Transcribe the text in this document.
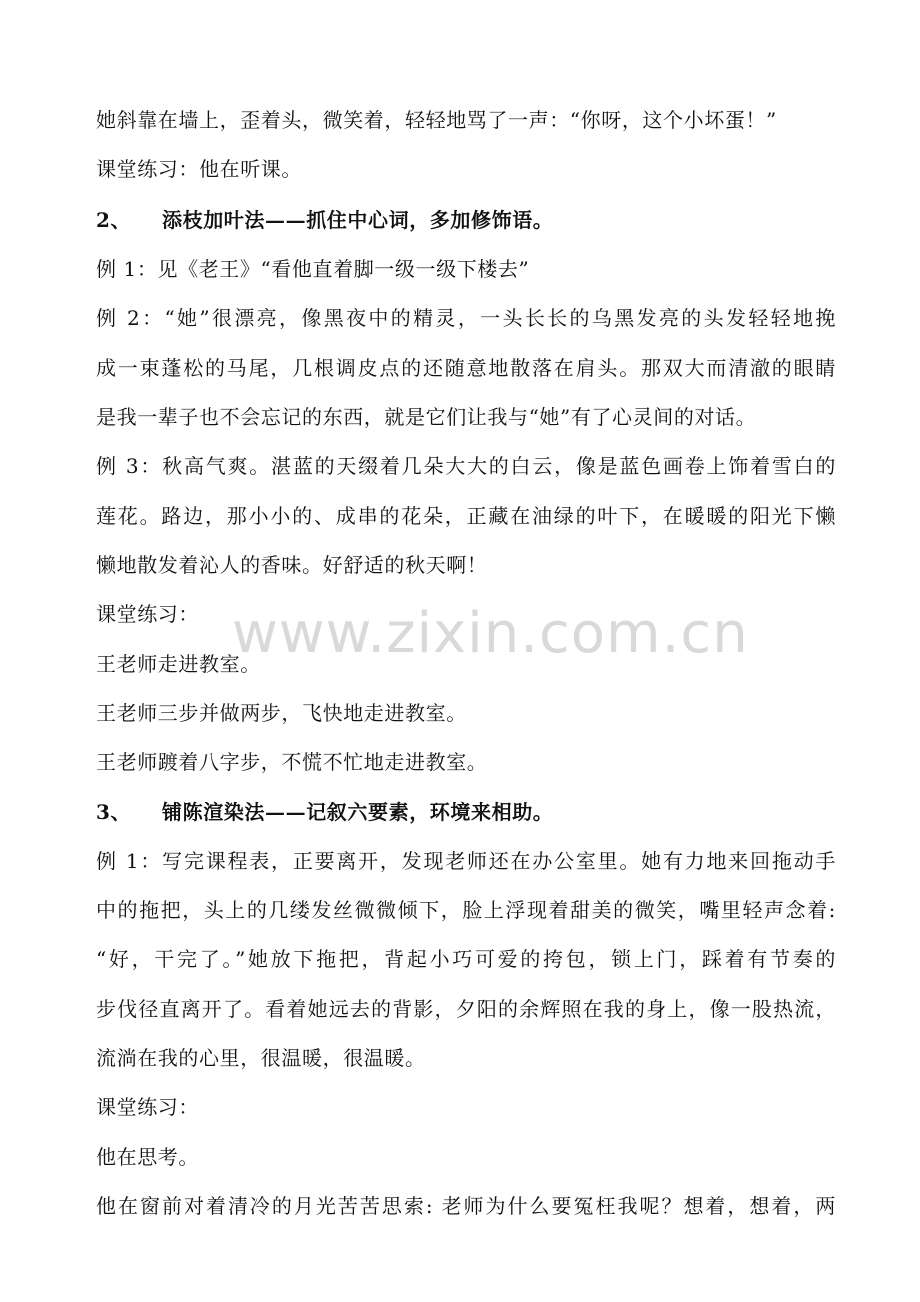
她斜靠在墙上，歪着头，微笑着，轻轻地骂了一声：“你呀，这个小坏蛋！”
课堂练习：他在听课。
2、 添枝加叶法——抓住中心词，多加修饰语。
例 1：见《老王》“看他直着脚一级一级下楼去”
例 2：“她”很漂亮，像黑夜中的精灵，一头长长的乌黑发亮的头发轻轻地挽
成一束蓬松的马尾，几根调皮点的还随意地散落在肩头。那双大而清澈的眼睛
是我一辈子也不会忘记的东西，就是它们让我与“她”有了心灵间的对话。
例 3：秋高气爽。湛蓝的天缀着几朵大大的白云，像是蓝色画卷上饰着雪白的
莲花。路边，那小小的、成串的花朵，正藏在油绿的叶下，在暖暖的阳光下懒
懒地散发着沁人的香味。好舒适的秋天啊！
课堂练习：
王老师走进教室。
王老师三步并做两步，飞快地走进教室。
王老师踱着八字步，不慌不忙地走进教室。
3、 铺陈渲染法——记叙六要素，环境来相助。
例 1：写完课程表，正要离开，发现老师还在办公室里。她有力地来回拖动手
中的拖把，头上的几缕发丝微微倾下，脸上浮现着甜美的微笑，嘴里轻声念着:
“好，干完了。”她放下拖把，背起小巧可爱的挎包，锁上门，踩着有节奏的
步伐径直离开了。看着她远去的背影，夕阳的余辉照在我的身上，像一股热流，
流淌在我的心里，很温暖，很温暖。
课堂练习：
他在思考。
他在窗前对着清冷的月光苦苦思索: 老师为什么要冤枉我呢？想着，想着，两
www.zixin.com.cn
